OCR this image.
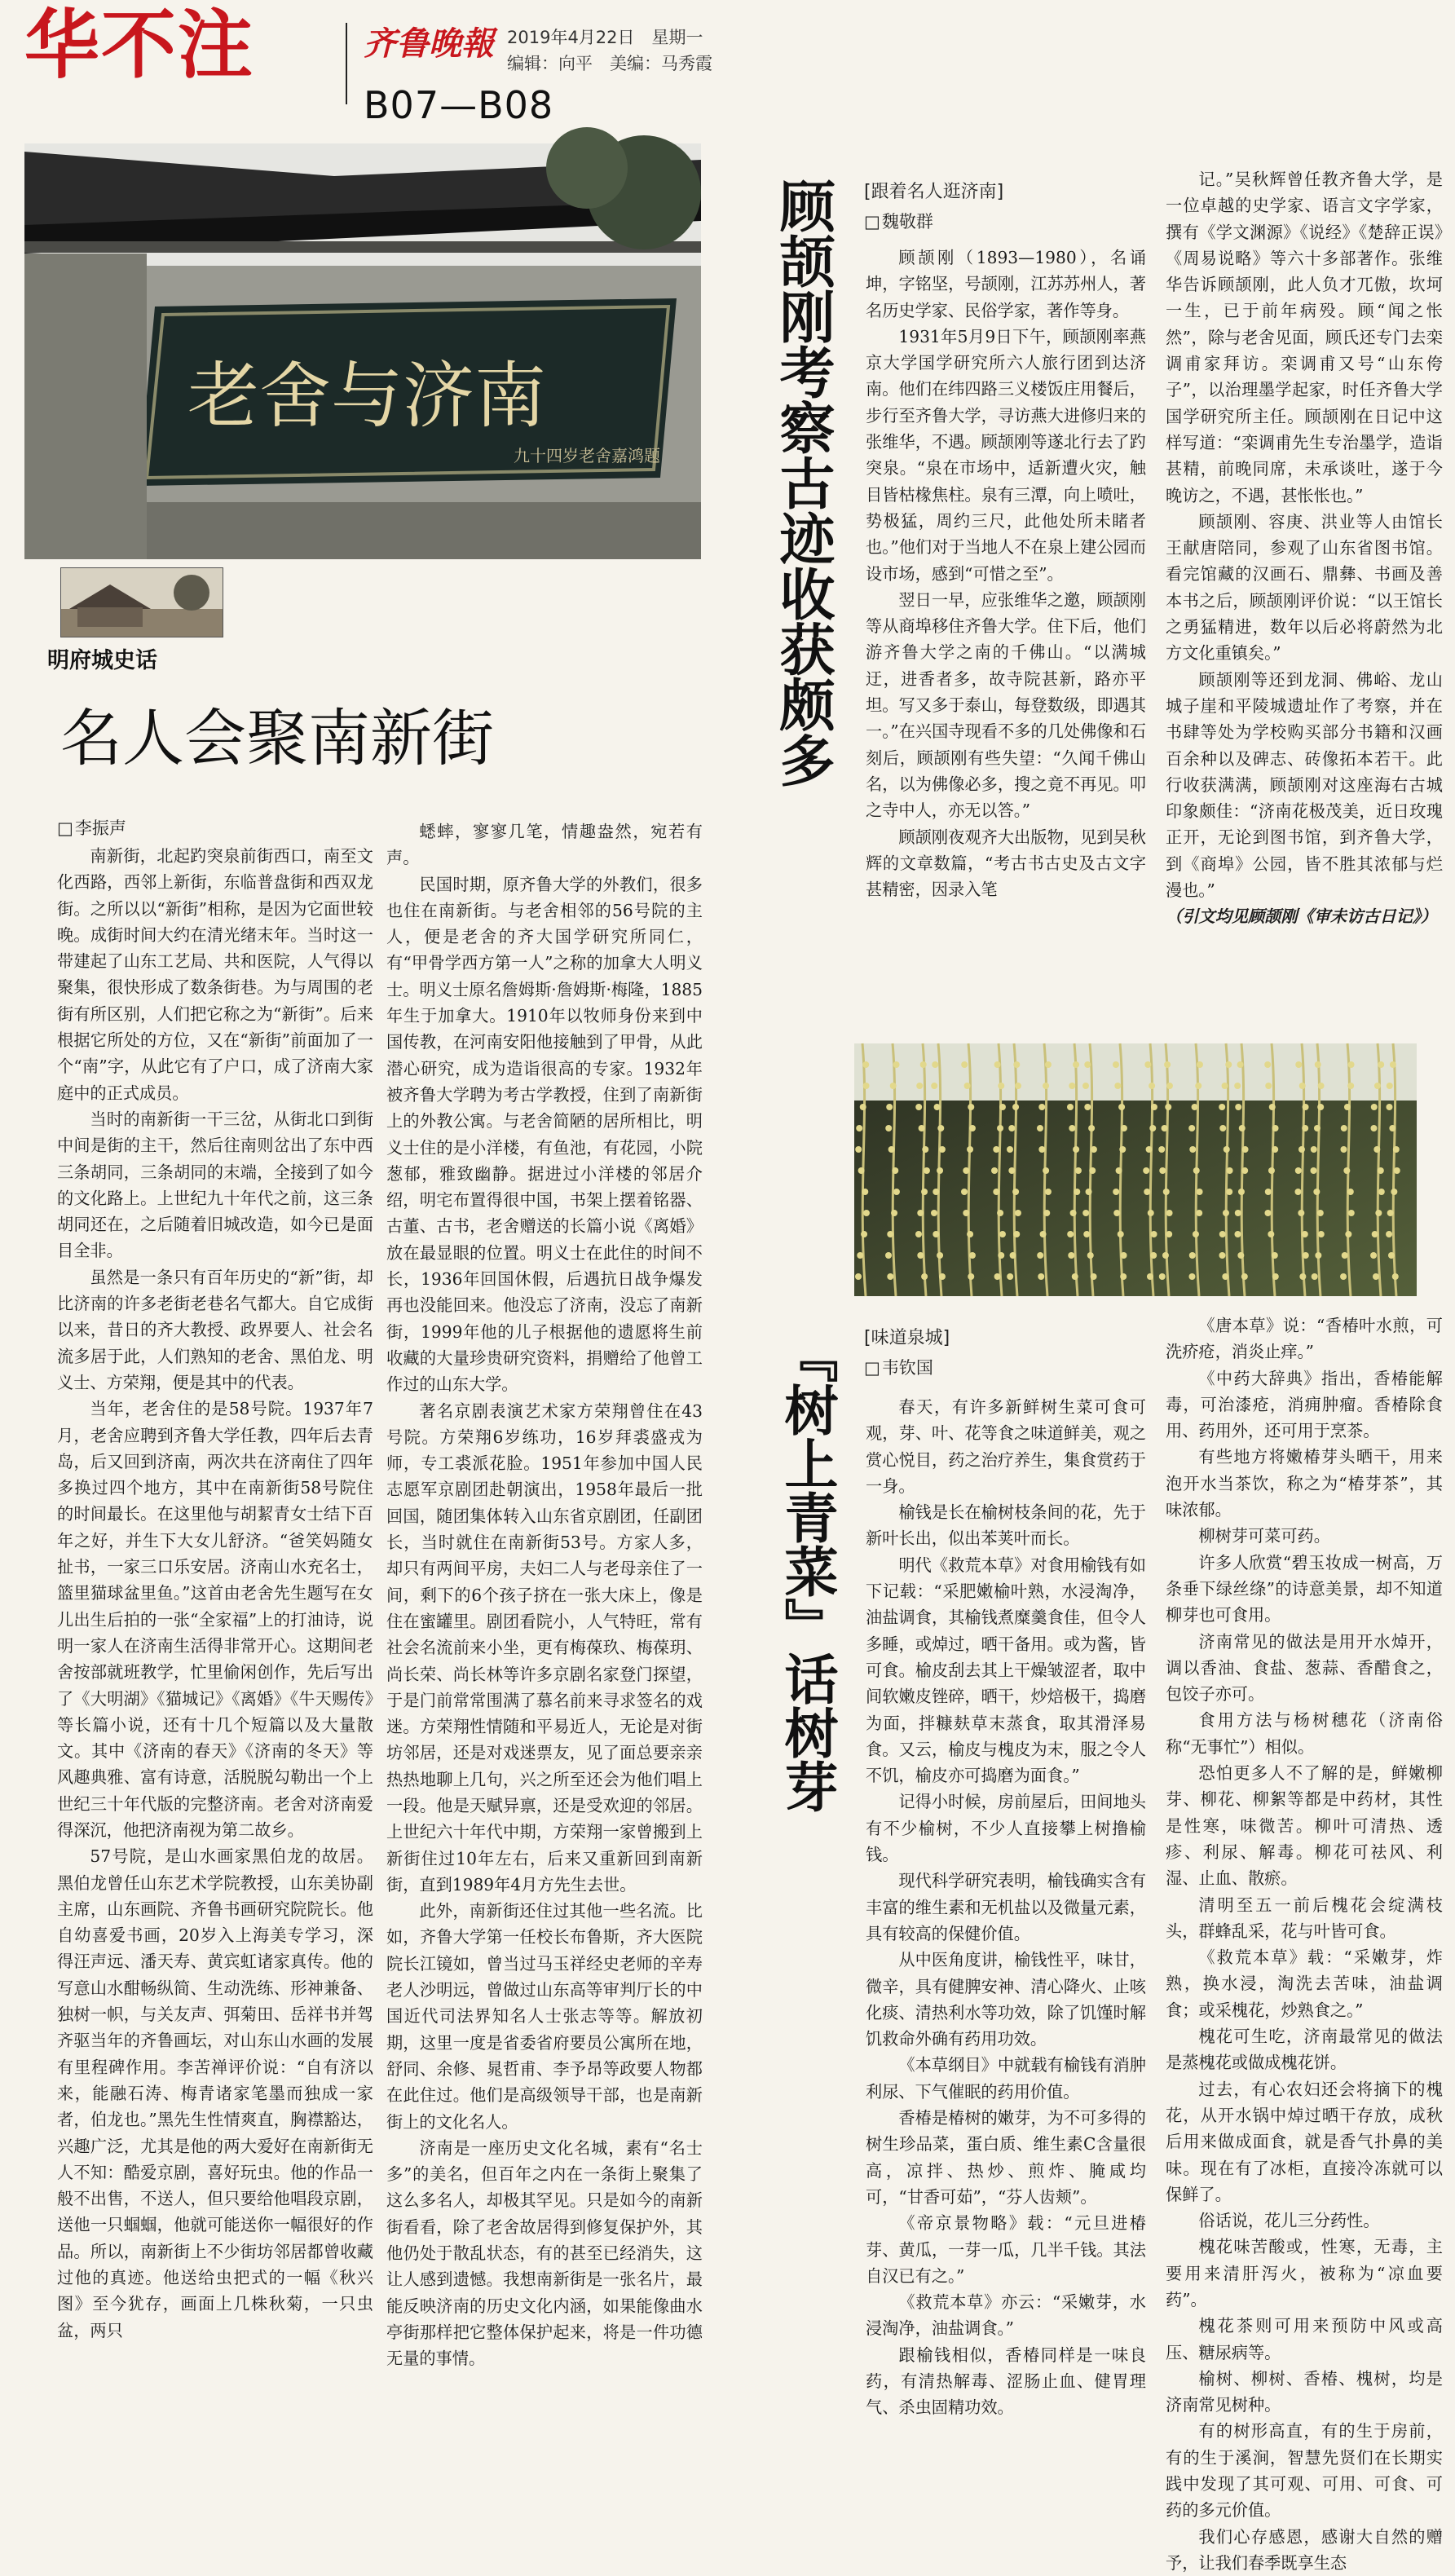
华不注	齐鲁晚報 2019年4月22日　星期一
编辑：向平　美编：马秀霞
B07—B08
老舍与济南
九十四岁老舍嘉鸿题
明府城史话
名人会聚南新街
□ 李振声

南新街，北起趵突泉前街西口，南至文化西路，西邻上新街，东临普盘街和西双龙街。之所以以“新街”相称，是因为它面世较晚。成街时间大约在清光绪末年。当时这一带建起了山东工艺局、共和医院，人气得以聚集，很快形成了数条街巷。为与周围的老街有所区别，人们把它称之为“新街”。后来根据它所处的方位，又在“新街”前面加了一个“南”字，从此它有了户口，成了济南大家庭中的正式成员。

当时的南新街一干三岔，从街北口到街中间是街的主干，然后往南则岔出了东中西三条胡同，三条胡同的末端，全接到了如今的文化路上。上世纪九十年代之前，这三条胡同还在，之后随着旧城改造，如今已是面目全非。

虽然是一条只有百年历史的“新”街，却比济南的许多老街老巷名气都大。自它成街以来，昔日的齐大教授、政界要人、社会名流多居于此，人们熟知的老舍、黑伯龙、明义士、方荣翔，便是其中的代表。

当年，老舍住的是58号院。1937年7月，老舍应聘到齐鲁大学任教，四年后去青岛，后又回到济南，两次共在济南住了四年多换过四个地方，其中在南新街58号院住的时间最长。在这里他与胡絜青女士结下百年之好，并生下大女儿舒济。“爸笑妈随女扯书，一家三口乐安居。济南山水充名士，篮里猫球盆里鱼。”这首由老舍先生题写在女儿出生后拍的一张“全家福”上的打油诗，说明一家人在济南生活得非常开心。这期间老舍按部就班教学，忙里偷闲创作，先后写出了《大明湖》《猫城记》《离婚》《牛天赐传》等长篇小说，还有十几个短篇以及大量散文。其中《济南的春天》《济南的冬天》等风趣典雅、富有诗意，活脱脱勾勒出一个上世纪三十年代版的完整济南。老舍对济南爱得深沉，他把济南视为第二故乡。

57号院，是山水画家黑伯龙的故居。黑伯龙曾任山东艺术学院教授，山东美协副主席，山东画院、齐鲁书画研究院院长。他自幼喜爱书画，20岁入上海美专学习，深得汪声远、潘天寿、黄宾虹诸家真传。他的写意山水酣畅纵简、生动洗练、形神兼备、独树一帜，与关友声、弭菊田、岳祥书并驾齐驱当年的齐鲁画坛，对山东山水画的发展有里程碑作用。李苦禅评价说：“自有济以来，能融石涛、梅青诸家笔墨而独成一家者，伯龙也。”黑先生性情爽直，胸襟豁达，兴趣广泛，尤其是他的两大爱好在南新街无人不知：酷爱京剧，喜好玩虫。他的作品一般不出售，不送人，但只要给他唱段京剧，送他一只蝈蝈，他就可能送你一幅很好的作品。所以，南新街上不少街坊邻居都曾收藏过他的真迹。他送给虫把式的一幅《秋兴图》至今犹存，画面上几株秋菊，一只虫盆，两只

蟋蟀，寥寥几笔，情趣盎然，宛若有声。

民国时期，原齐鲁大学的外教们，很多也住在南新街。与老舍相邻的56号院的主人，便是老舍的齐大国学研究所同仁，有“甲骨学西方第一人”之称的加拿大人明义士。明义士原名詹姆斯·詹姆斯·梅隆，1885年生于加拿大。1910年以牧师身份来到中国传教，在河南安阳他接触到了甲骨，从此潜心研究，成为造诣很高的专家。1932年被齐鲁大学聘为考古学教授，住到了南新街上的外教公寓。与老舍简陋的居所相比，明义士住的是小洋楼，有鱼池，有花园，小院葱郁，雅致幽静。据进过小洋楼的邻居介绍，明宅布置得很中国，书架上摆着铭器、古董、古书，老舍赠送的长篇小说《离婚》放在最显眼的位置。明义士在此住的时间不长，1936年回国休假，后遇抗日战争爆发再也没能回来。他没忘了济南，没忘了南新街，1999年他的儿子根据他的遗愿将生前收藏的大量珍贵研究资料，捐赠给了他曾工作过的山东大学。

著名京剧表演艺术家方荣翔曾住在43号院。方荣翔6岁练功，16岁拜裘盛戎为师，专工裘派花脸。1951年参加中国人民志愿军京剧团赴朝演出，1958年最后一批回国，随团集体转入山东省京剧团，任副团长，当时就住在南新街53号。方家人多，却只有两间平房，夫妇二人与老母亲住了一间，剩下的6个孩子挤在一张大床上，像是住在蜜罐里。剧团看院小，人气特旺，常有社会名流前来小坐，更有梅葆玖、梅葆玥、尚长荣、尚长林等许多京剧名家登门探望，于是门前常常围满了慕名前来寻求签名的戏迷。方荣翔性情随和平易近人，无论是对街坊邻居，还是对戏迷票友，见了面总要亲亲热热地聊上几句，兴之所至还会为他们唱上一段。他是天赋异禀，还是受欢迎的邻居。上世纪六十年代中期，方荣翔一家曾搬到上新街住过10年左右，后来又重新回到南新街，直到1989年4月方先生去世。

此外，南新街还住过其他一些名流。比如，齐鲁大学第一任校长布鲁斯，齐大医院院长江镜如，曾当过马玉祥经史老师的辛寿老人沙明远，曾做过山东高等审判厅长的中国近代司法界知名人士张志等等。解放初期，这里一度是省委省府要员公寓所在地，舒同、余修、晁哲甫、李予昂等政要人物都在此住过。他们是高级领导干部，也是南新街上的文化名人。

济南是一座历史文化名城，素有“名士多”的美名，但百年之内在一条街上聚集了这么多名人，却极其罕见。只是如今的南新街看看，除了老舍故居得到修复保护外，其他仍处于散乱状态，有的甚至已经消失，这让人感到遗憾。我想南新街是一张名片，最能反映济南的历史文化内涵，如果能像曲水亭街那样把它整体保护起来，将是一件功德无量的事情。

顾颉刚考察古迹收获颇多 [跟着名人逛济南]
□ 魏敬群

顾颉刚（1893—1980），名诵坤，字铭坚，号颉刚，江苏苏州人，著名历史学家、民俗学家，著作等身。

1931年5月9日下午，顾颉刚率燕京大学国学研究所六人旅行团到达济南。他们在纬四路三义楼饭庄用餐后，步行至齐鲁大学，寻访燕大进修归来的张维华，不遇。顾颉刚等遂北行去了趵突泉。“泉在市场中，适新遭火灾，触目皆枯椽焦柱。泉有三潭，向上喷吐，势极猛，周约三尺，此他处所未睹者也。”他们对于当地人不在泉上建公园而设市场，感到“可惜之至”。

翌日一早，应张维华之邀，顾颉刚等从商埠移住齐鲁大学。住下后，他们游齐鲁大学之南的千佛山。“以满城迂，进香者多，故寺院甚新，路亦平坦。写又多于泰山，每登数级，即遇其一。”在兴国寺现看不多的几处佛像和石刻后，顾颉刚有些失望：“久闻千佛山名，以为佛像必多，搜之竟不再见。叩之寺中人，亦无以答。”

顾颉刚夜观齐大出版物，见到吴秋辉的文章数篇，“考古书古史及古文字甚精密，因录入笔

记。”吴秋辉曾任教齐鲁大学，是一位卓越的史学家、语言文字学家，撰有《学文渊源》《说经》《楚辞正误》《周易说略》等六十多部著作。张维华告诉顾颉刚，此人负才兀傲，坎坷一生，已于前年病殁。顾“闻之怅然”，除与老舍见面，顾氏还专门去栾调甫家拜访。栾调甫又号“山东侉子”，以治理墨学起家，时任齐鲁大学国学研究所主任。顾颉刚在日记中这样写道：“栾调甫先生专治墨学，造诣甚精，前晚同席，未承谈吐，遂于今晚访之，不遇，甚怅怅也。”

顾颉刚、容庚、洪业等人由馆长王献唐陪同，参观了山东省图书馆。看完馆藏的汉画石、鼎彝、书画及善本书之后，顾颉刚评价说：“以王馆长之勇猛精进，数年以后必将蔚然为北方文化重镇矣。”

顾颉刚等还到龙洞、佛峪、龙山城子崖和平陵城遗址作了考察，并在书肆等处为学校购买部分书籍和汉画百余种以及碑志、砖像拓本若干。此行收获满满，顾颉刚对这座海右古城印象颇佳：“济南花极茂美，近日玫瑰正开，无论到图书馆，到齐鲁大学，到《商埠》公园，皆不胜其浓郁与烂漫也。”

（引文均见顾颉刚《审未访古日记》）
『树上青菜』话树芽 [味道泉城]
□ 韦钦国

春天，有许多新鲜树生菜可食可观，芽、叶、花等食之味道鲜美，观之赏心悦目，药之治疗养生，集食赏药于一身。

榆钱是长在榆树枝条间的花，先于新叶长出，似出苯荚叶而长。

明代《救荒本草》对食用榆钱有如下记载：“采肥嫩榆叶熟，水浸淘净，油盐调食，其榆钱煮糜羹食佳，但令人多睡，或焯过，晒干备用。或为酱，皆可食。榆皮刮去其上干燥皱涩者，取中间软嫩皮锉碎，晒干，炒焙极干，捣磨为面，拌糠麸草末蒸食，取其滑泽易食。又云，榆皮与槐皮为末，服之令人不饥，榆皮亦可捣磨为面食。”

记得小时候，房前屋后，田间地头有不少榆树，不少人直接攀上树撸榆钱。

现代科学研究表明，榆钱确实含有丰富的维生素和无机盐以及微量元素，具有较高的保健价值。

从中医角度讲，榆钱性平，味甘，微辛，具有健脾安神、清心降火、止咳化痰、清热利水等功效，除了饥馑时解饥救命外确有药用功效。

《本草纲目》中就载有榆钱有消肿利尿、下气催眠的药用价值。

香椿是椿树的嫩芽，为不可多得的树生珍品菜，蛋白质、维生素C含量很高，凉拌、热炒、煎炸、腌咸均可，“甘香可茹”，“芬人齿颊”。

《帝京景物略》载：“元旦进椿芽、黄瓜，一芽一瓜，几半千钱。其法自汉已有之。”

《救荒本草》亦云：“采嫩芽，水浸淘净，油盐调食。”

跟榆钱相似，香椿同样是一味良药，有清热解毒、涩肠止血、健胃理气、杀虫固精功效。

《唐本草》说：“香椿叶水煎，可洗疥疮，消炎止痒。”

《中药大辞典》指出，香椿能解毒，可治漆疮，消痈肿瘤。香椿除食用、药用外，还可用于烹茶。

有些地方将嫩椿芽头晒干，用来泡开水当茶饮，称之为“椿芽茶”，其味浓郁。

柳树芽可菜可药。

许多人欣赏“碧玉妆成一树高，万条垂下绿丝绦”的诗意美景，却不知道柳芽也可食用。

济南常见的做法是用开水焯开，调以香油、食盐、葱蒜、香醋食之，包饺子亦可。

食用方法与杨树穗花（济南俗称“无事忙”）相似。

恐怕更多人不了解的是，鲜嫩柳芽、柳花、柳絮等都是中药材，其性是性寒，味微苦。柳叶可清热、透疹、利尿、解毒。柳花可祛风、利湿、止血、散瘀。

清明至五一前后槐花会绽满枝头，群蜂乱采，花与叶皆可食。

《救荒本草》载：“采嫩芽，炸熟，换水浸，淘洗去苦味，油盐调食；或采槐花，炒熟食之。”

槐花可生吃，济南最常见的做法是蒸槐花或做成槐花饼。

过去，有心农妇还会将摘下的槐花，从开水锅中焯过晒干存放，成秋后用来做成面食，就是香气扑鼻的美味。现在有了冰柜，直接冷冻就可以保鲜了。

俗话说，花儿三分药性。

槐花味苦酸或，性寒，无毒，主要用来清肝泻火，被称为“凉血要药”。

槐花茶则可用来预防中风或高压、糖尿病等。

榆树、柳树、香椿、槐树，均是济南常见树种。

有的树形高直，有的生于房前，有的生于溪涧，智慧先贤们在长期实践中发现了其可观、可用、可食、可药的多元价值。

我们心存感恩，感谢大自然的赠予，让我们春季既享生态
